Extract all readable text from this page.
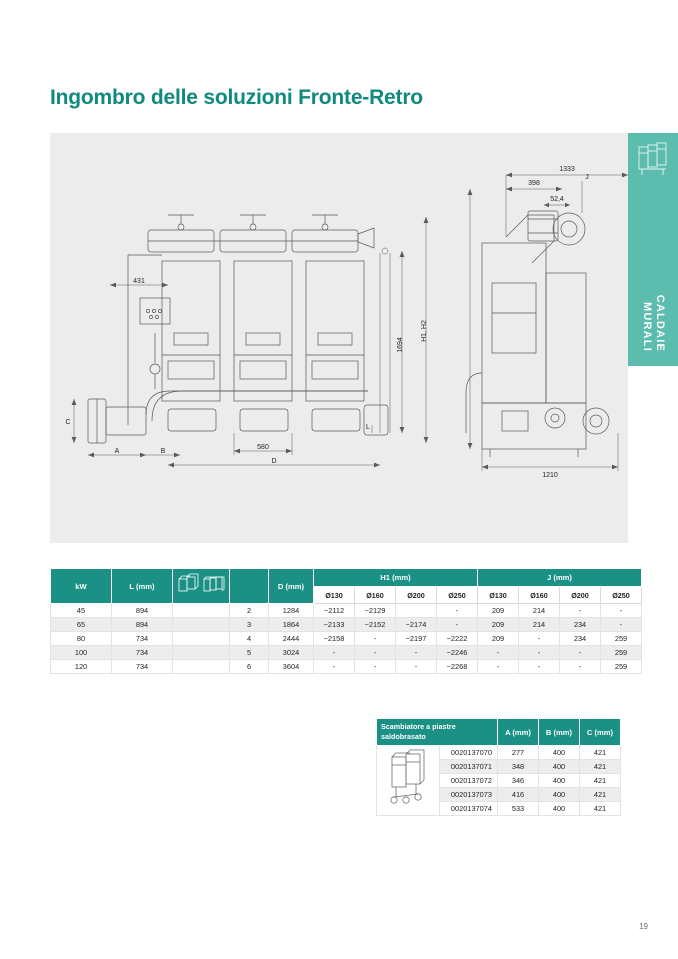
Ingombro delle soluzioni Fronte-Retro
CALDAIE
MURALI
431
580
D
A	B
C
L
1694
H1, H2
1333
398
52,4
J
1210
kW	L (mm)			D (mm)	H1 (mm)				J (mm)			
					Ø130	Ø160	Ø200	Ø250	Ø130	Ø160	Ø200	Ø250
45	894		2	1284	~2112	~2129		-	209	214	-	-
65	894		3	1864	~2133	~2152	~2174	-	209	214	234	-
80	734		4	2444	~2158	-	~2197	~2222	209	-	234	259
100	734		5	3024	-	-	-	~2246	-	-	-	259
120	734		6	3604	-	-	-	~2268	-	-	-	259
Scambiatore a piastre saldobrasato		A (mm)	B (mm)	C (mm)
	0020137070	277	400	421
	0020137071	348	400	421
	0020137072	346	400	421
	0020137073	416	400	421
	0020137074	533	400	421
19
